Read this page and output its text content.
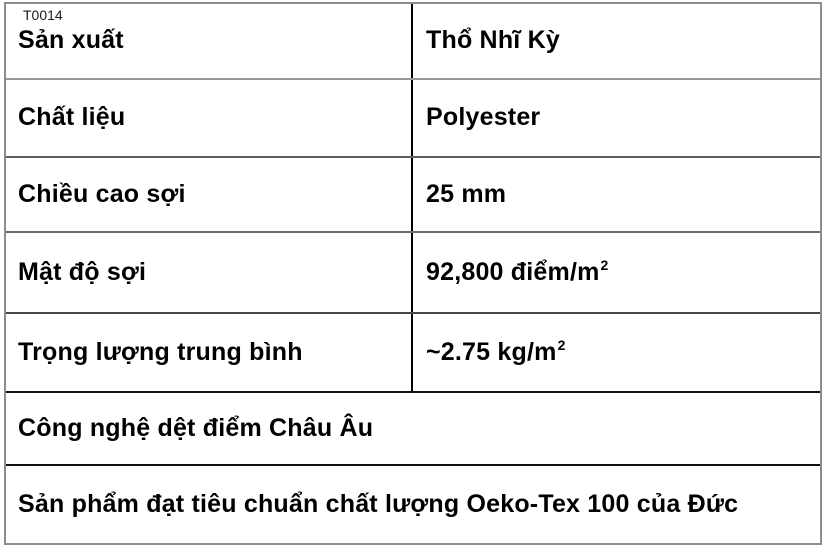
T0014
Sản xuất	Thổ Nhĩ Kỳ
Chất liệu	Polyester
Chiều cao sợi	25 mm
Mật độ sợi	92,800 điểm/$m^2$
Trọng lượng trung bình	~2.75 $kg/m^2$
Công nghệ dệt điểm Châu Âu
Sản phẩm đạt tiêu chuẩn chất lượng Oeko-Tex 100 của Đức
